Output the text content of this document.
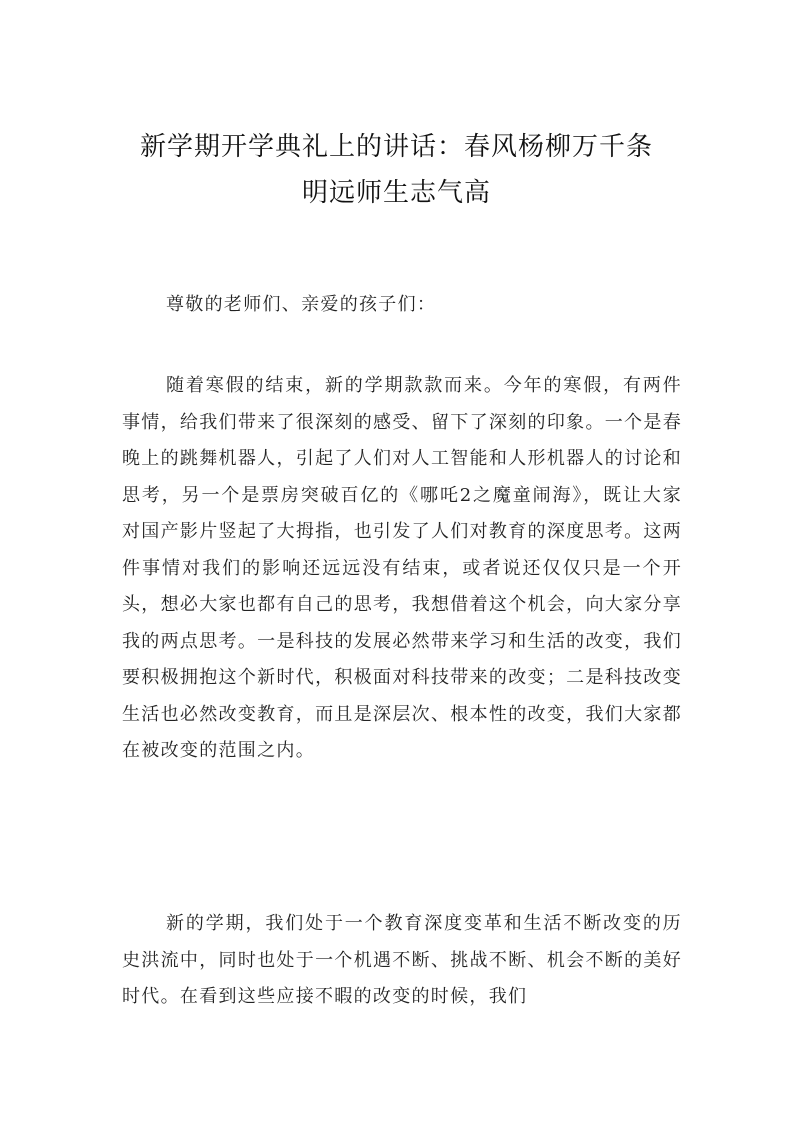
新学期开学典礼上的讲话：春风杨柳万千条
明远师生志气高

尊敬的老师们、亲爱的孩子们：

随着寒假的结束，新的学期款款而来。今年的寒假，有两件事情，给我们带来了很深刻的感受、留下了深刻的印象。一个是春晚上的跳舞机器人，引起了人们对人工智能和人形机器人的讨论和思考，另一个是票房突破百亿的《哪吒2之魔童闹海》，既让大家对国产影片竖起了大拇指，也引发了人们对教育的深度思考。这两件事情对我们的影响还远远没有结束，或者说还仅仅只是一个开头，想必大家也都有自己的思考，我想借着这个机会，向大家分享我的两点思考。一是科技的发展必然带来学习和生活的改变，我们要积极拥抱这个新时代，积极面对科技带来的改变；二是科技改变生活也必然改变教育，而且是深层次、根本性的改变，我们大家都在被改变的范围之内。

新的学期，我们处于一个教育深度变革和生活不断改变的历史洪流中，同时也处于一个机遇不断、挑战不断、机会不断的美好时代。在看到这些应接不暇的改变的时候，我们
